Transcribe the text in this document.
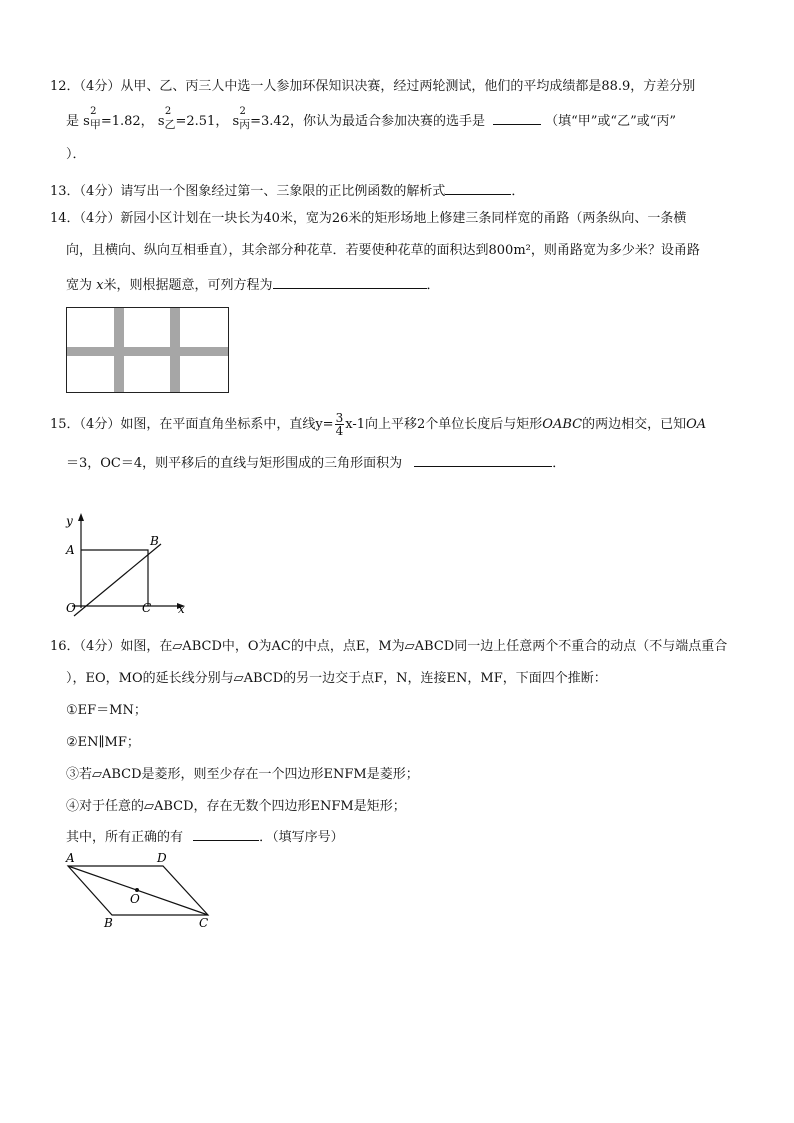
12．（4分）从甲、乙、丙三人中选一人参加环保知识决赛，经过两轮测试，他们的平均成绩都是88.9，方差分别
是 s
2
$_甲$=1.82， s
2
$_乙$=2.51， s
2
$_丙$=3.42，你认为最适合参加决赛的选手是	（填“甲”或“乙”或“丙”
）．
13．（4分）请写出一个图象经过第一、三象限的正比例函数的解析式	．
14．（4分）新园小区计划在一块长为40米，宽为26米的矩形场地上修建三条同样宽的甬路（两条纵向、一条横
向，且横向、纵向互相垂直），其余部分种花草．若要使种花草的面积达到800m²，则甬路宽为多少米？设甬路
宽为 x米，则根据题意，可列方程为	．
15．（4分）如图，在平面直角坐标系中，直线$y= \frac{3}{4} x-1$向上平移2个单位长度后与矩形OABC的两边相交，已知OA
＝3，OC＝4，则平移后的直线与矩形围成的三角形面积为	．
y
x
A
B
O	C
16．（4分）如图，在▱ABCD中，O为AC的中点，点E，M为▱ABCD同一边上任意两个不重合的动点（不与端点重合
），EO，MO的延长线分别与▱ABCD的另一边交于点F，N，连接EN，MF，下面四个推断：
①EF＝MN；
②EN∥MF；
③若▱ABCD是菱形，则至少存在一个四边形ENFM是菱形；
④对于任意的▱ABCD，存在无数个四边形ENFM是矩形；
其中，所有正确的有	．（填写序号）
A	D
O
B	C
